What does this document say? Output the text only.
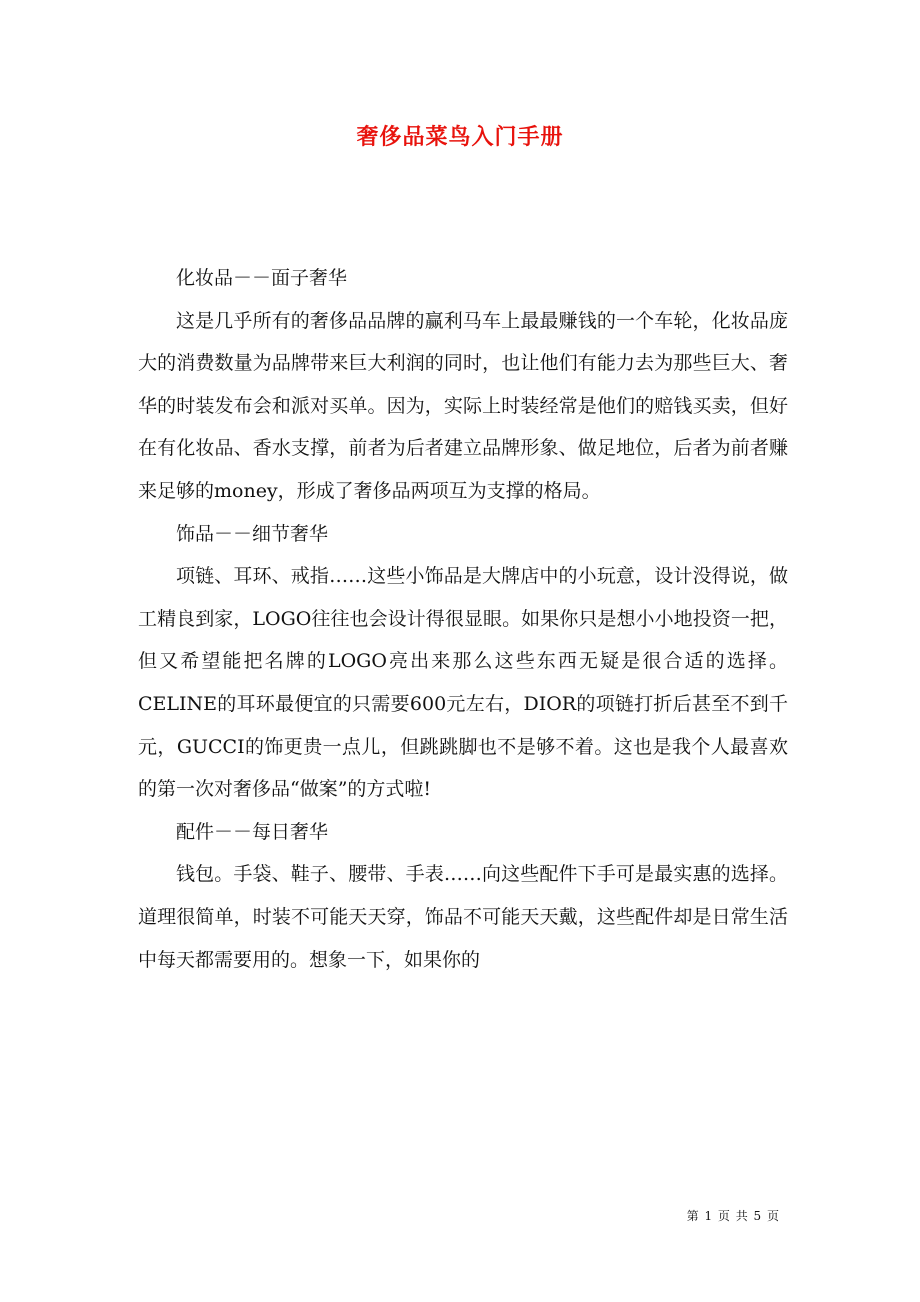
奢侈品菜鸟入门手册

化妆品－－面子奢华

这是几乎所有的奢侈品品牌的赢利马车上最最赚钱的一个车轮，化妆品庞大的消费数量为品牌带来巨大利润的同时，也让他们有能力去为那些巨大、奢华的时装发布会和派对买单。因为，实际上时装经常是他们的赔钱买卖，但好在有化妆品、香水支撑，前者为后者建立品牌形象、做足地位，后者为前者赚来足够的money，形成了奢侈品两项互为支撑的格局。

饰品－－细节奢华

项链、耳环、戒指……这些小饰品是大牌店中的小玩意，设计没得说，做工精良到家，LOGO往往也会设计得很显眼。如果你只是想小小地投资一把，但又希望能把名牌的LOGO亮出来那么这些东西无疑是很合适的选择。CELINE的耳环最便宜的只需要600元左右，DIOR的项链打折后甚至不到千元，GUCCI的饰更贵一点儿，但跳跳脚也不是够不着。这也是我个人最喜欢的第一次对奢侈品“做案”的方式啦!

配件－－每日奢华

钱包。手袋、鞋子、腰带、手表……向这些配件下手可是最实惠的选择。道理很简单，时装不可能天天穿，饰品不可能天天戴，这些配件却是日常生活中每天都需要用的。想象一下，如果你的

第 1 页 共 5 页
